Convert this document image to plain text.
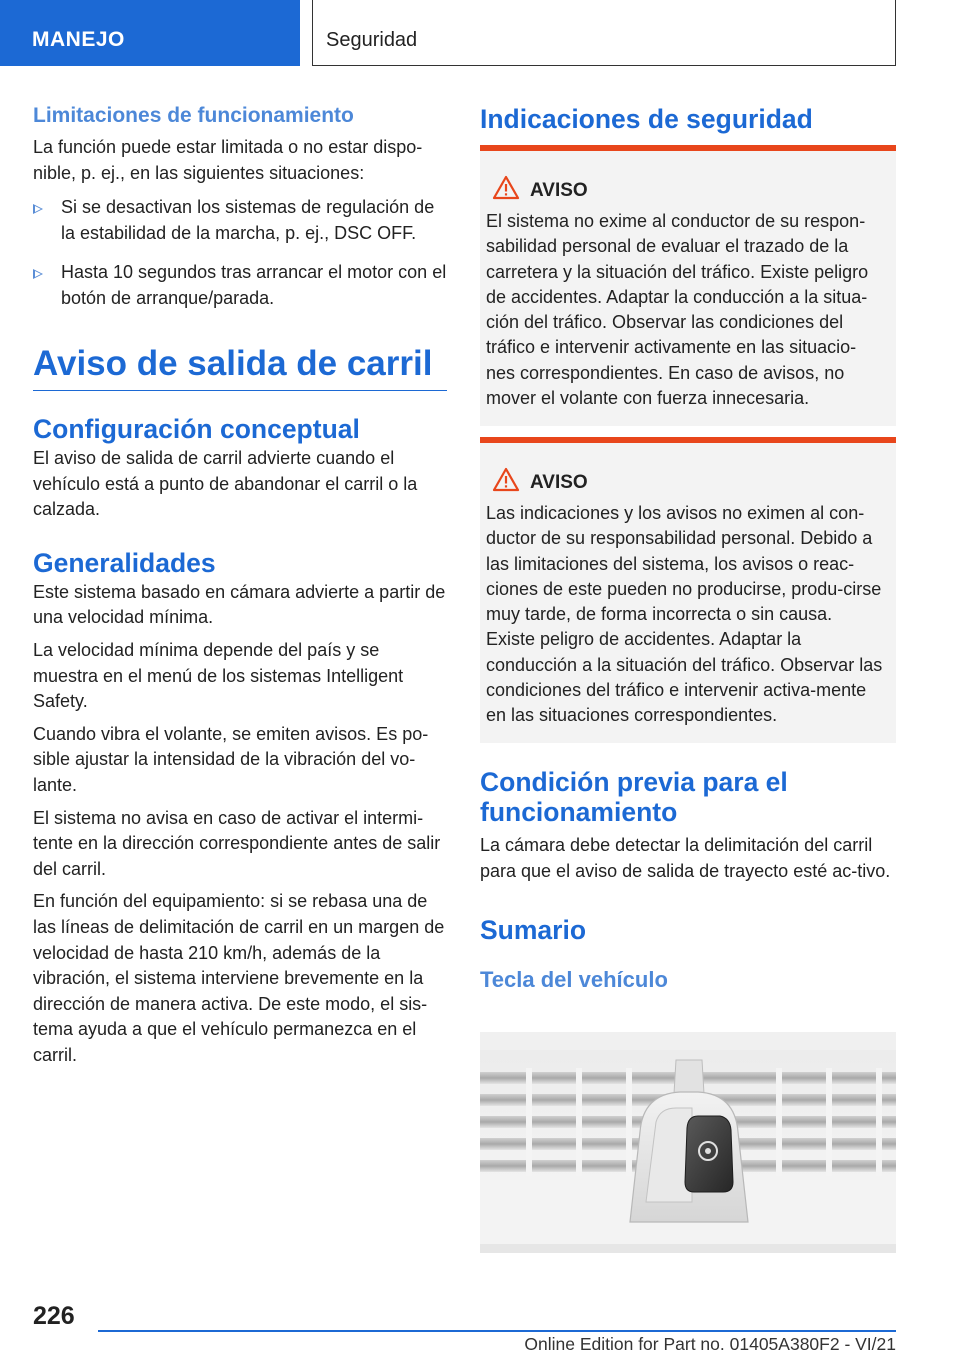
MANEJO	Seguridad
Limitaciones de funcionamiento

La función puede estar limitada o no estar dispo-nible, p. ej., en las siguientes situaciones:

Si se desactivan los sistemas de regulación de la estabilidad de la marcha, p. ej., DSC OFF.

Hasta 10 segundos tras arrancar el motor con el botón de arranque/parada.

Aviso de salida de carril
Configuración conceptual

El aviso de salida de carril advierte cuando el vehículo está a punto de abandonar el carril o la calzada.

Generalidades

Este sistema basado en cámara advierte a partir de una velocidad mínima.

La velocidad mínima depende del país y se muestra en el menú de los sistemas Intelligent Safety.

Cuando vibra el volante, se emiten avisos. Es po-sible ajustar la intensidad de la vibración del vo-lante.

El sistema no avisa en caso de activar el intermi-tente en la dirección correspondiente antes de salir del carril.

En función del equipamiento: si se rebasa una de las líneas de delimitación de carril en un margen de velocidad de hasta 210 km/h, además de la vibración, el sistema interviene brevemente en la dirección de manera activa. De este modo, el sis-tema ayuda a que el vehículo permanezca en el carril.

Indicaciones de seguridad
AVISO

El sistema no exime al conductor de su respon-sabilidad personal de evaluar el trazado de la carretera y la situación del tráfico. Existe peligro de accidentes. Adaptar la conducción a la situa-ción del tráfico. Observar las condiciones del tráfico e intervenir activamente en las situacio-nes correspondientes. En caso de avisos, no mover el volante con fuerza innecesaria.

AVISO

Las indicaciones y los avisos no eximen al con-ductor de su responsabilidad personal. Debido a las limitaciones del sistema, los avisos o reac-ciones de este pueden no producirse, produ-cirse muy tarde, de forma incorrecta o sin causa. Existe peligro de accidentes. Adaptar la conducción a la situación del tráfico. Observar las condiciones del tráfico e intervenir activa-mente en las situaciones correspondientes.

Condición previa para el funcionamiento

La cámara debe detectar la delimitación del carril para que el aviso de salida de trayecto esté ac-tivo.

Sumario
Tecla del vehículo
226
Online Edition for Part no. 01405A380F2 - VI/21
